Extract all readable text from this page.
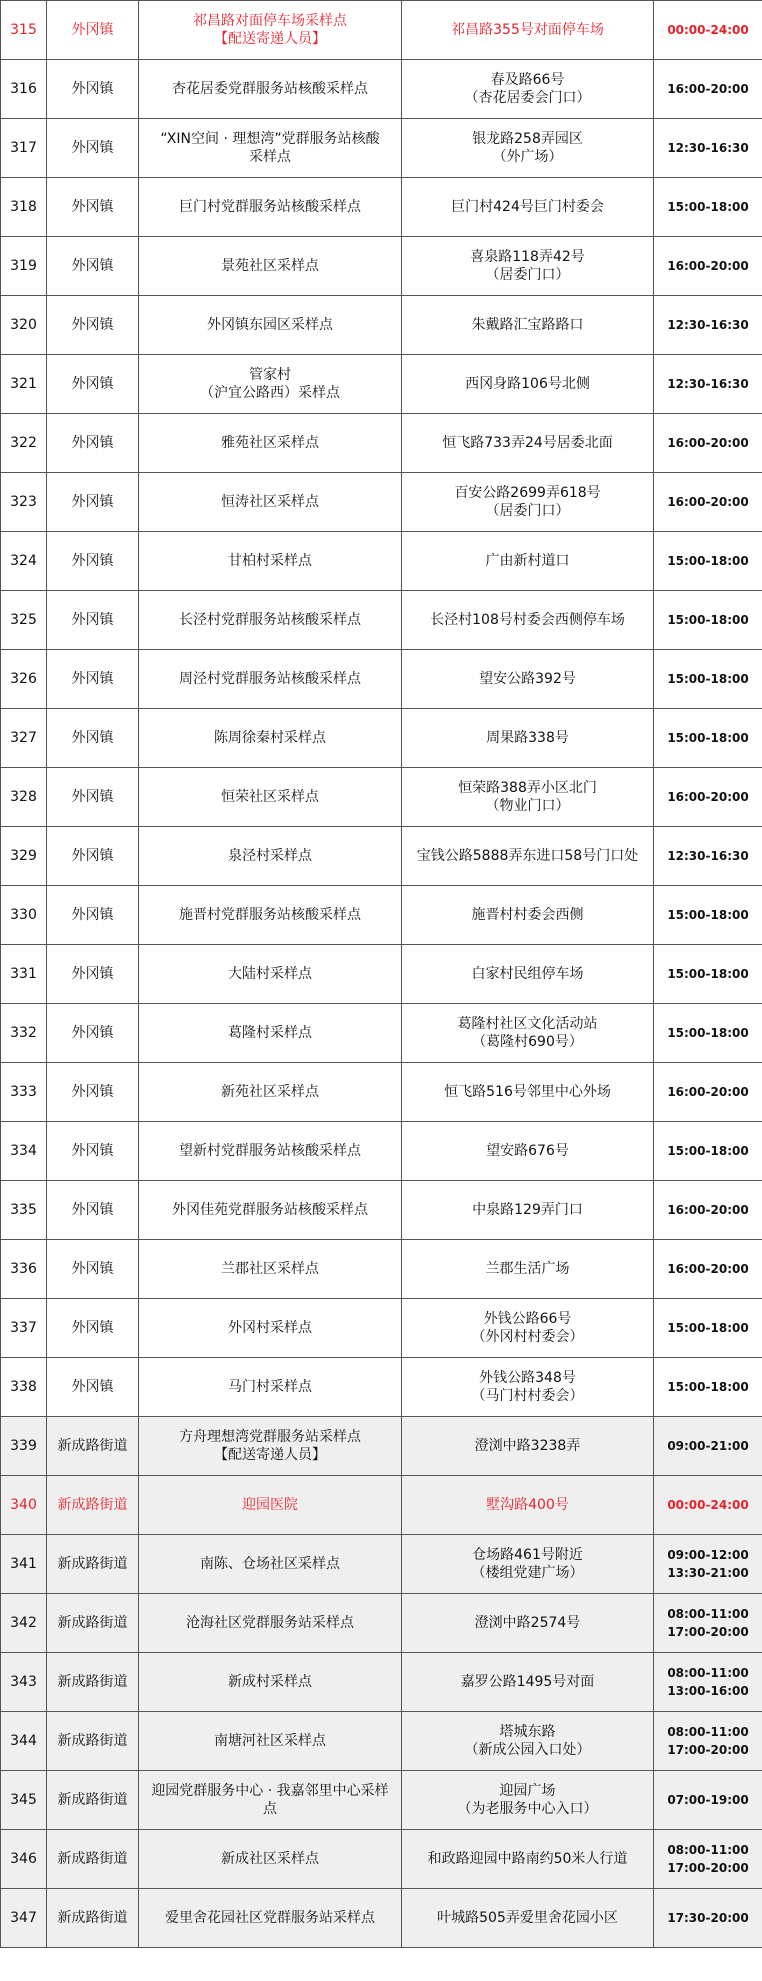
315	外冈镇	祁昌路对面停车场采样点
【配送寄递人员】	祁昌路355号对面停车场	00:00-24:00

316	外冈镇	杏花居委党群服务站核酸采样点	春及路66号
（杏花居委会门口）	16:00-20:00

317	外冈镇	“XIN空间 · 理想湾”党群服务站核酸
采样点	银龙路258弄园区
（外广场）	12:30-16:30

318	外冈镇	巨门村党群服务站核酸采样点	巨门村424号巨门村委会	15:00-18:00

319	外冈镇	景苑社区采样点	喜泉路118弄42号
（居委门口）	16:00-20:00

320	外冈镇	外冈镇东园区采样点	朱戴路汇宝路路口	12:30-16:30

321	外冈镇	管家村
（沪宜公路西）采样点	西冈身路106号北侧	12:30-16:30

322	外冈镇	雅苑社区采样点	恒飞路733弄24号居委北面	16:00-20:00

323	外冈镇	恒涛社区采样点	百安公路2699弄618号
（居委门口）	16:00-20:00

324	外冈镇	甘柏村采样点	广由新村道口	15:00-18:00

325	外冈镇	长泾村党群服务站核酸采样点	长泾村108号村委会西侧停车场	15:00-18:00

326	外冈镇	周泾村党群服务站核酸采样点	望安公路392号	15:00-18:00

327	外冈镇	陈周徐秦村采样点	周果路338号	15:00-18:00

328	外冈镇	恒荣社区采样点	恒荣路388弄小区北门
（物业门口）	16:00-20:00

329	外冈镇	泉泾村采样点	宝钱公路5888弄东进口58号门口处	12:30-16:30

330	外冈镇	施晋村党群服务站核酸采样点	施晋村村委会西侧	15:00-18:00

331	外冈镇	大陆村采样点	白家村民组停车场	15:00-18:00

332	外冈镇	葛隆村采样点	葛隆村社区文化活动站
（葛隆村690号）	15:00-18:00

333	外冈镇	新苑社区采样点	恒飞路516号邻里中心外场	16:00-20:00

334	外冈镇	望新村党群服务站核酸采样点	望安路676号	15:00-18:00

335	外冈镇	外冈佳苑党群服务站核酸采样点	中泉路129弄门口	16:00-20:00

336	外冈镇	兰郡社区采样点	兰郡生活广场	16:00-20:00

337	外冈镇	外冈村采样点	外钱公路66号
（外冈村村委会）	15:00-18:00

338	外冈镇	马门村采样点	外钱公路348号
（马门村村委会）	15:00-18:00

339	新成路街道	方舟理想湾党群服务站采样点
【配送寄递人员】	澄浏中路3238弄	09:00-21:00

340	新成路街道	迎园医院	墅沟路400号	00:00-24:00

341	新成路街道	南陈、仓场社区采样点	仓场路461号附近
（楼组党建广场）	09:00-12:00
13:30-21:00

342	新成路街道	沧海社区党群服务站采样点	澄浏中路2574号	08:00-11:00
17:00-20:00

343	新成路街道	新成村采样点	嘉罗公路1495号对面	08:00-11:00
13:00-16:00

344	新成路街道	南塘河社区采样点	塔城东路
（新成公园入口处）	08:00-11:00
17:00-20:00

345	新成路街道	迎园党群服务中心 · 我嘉邻里中心采样
点	迎园广场
（为老服务中心入口）	07:00-19:00

346	新成路街道	新成社区采样点	和政路迎园中路南约50米人行道	08:00-11:00
17:00-20:00

347	新成路街道	爱里舍花园社区党群服务站采样点	叶城路505弄爱里舍花园小区	17:30-20:00
